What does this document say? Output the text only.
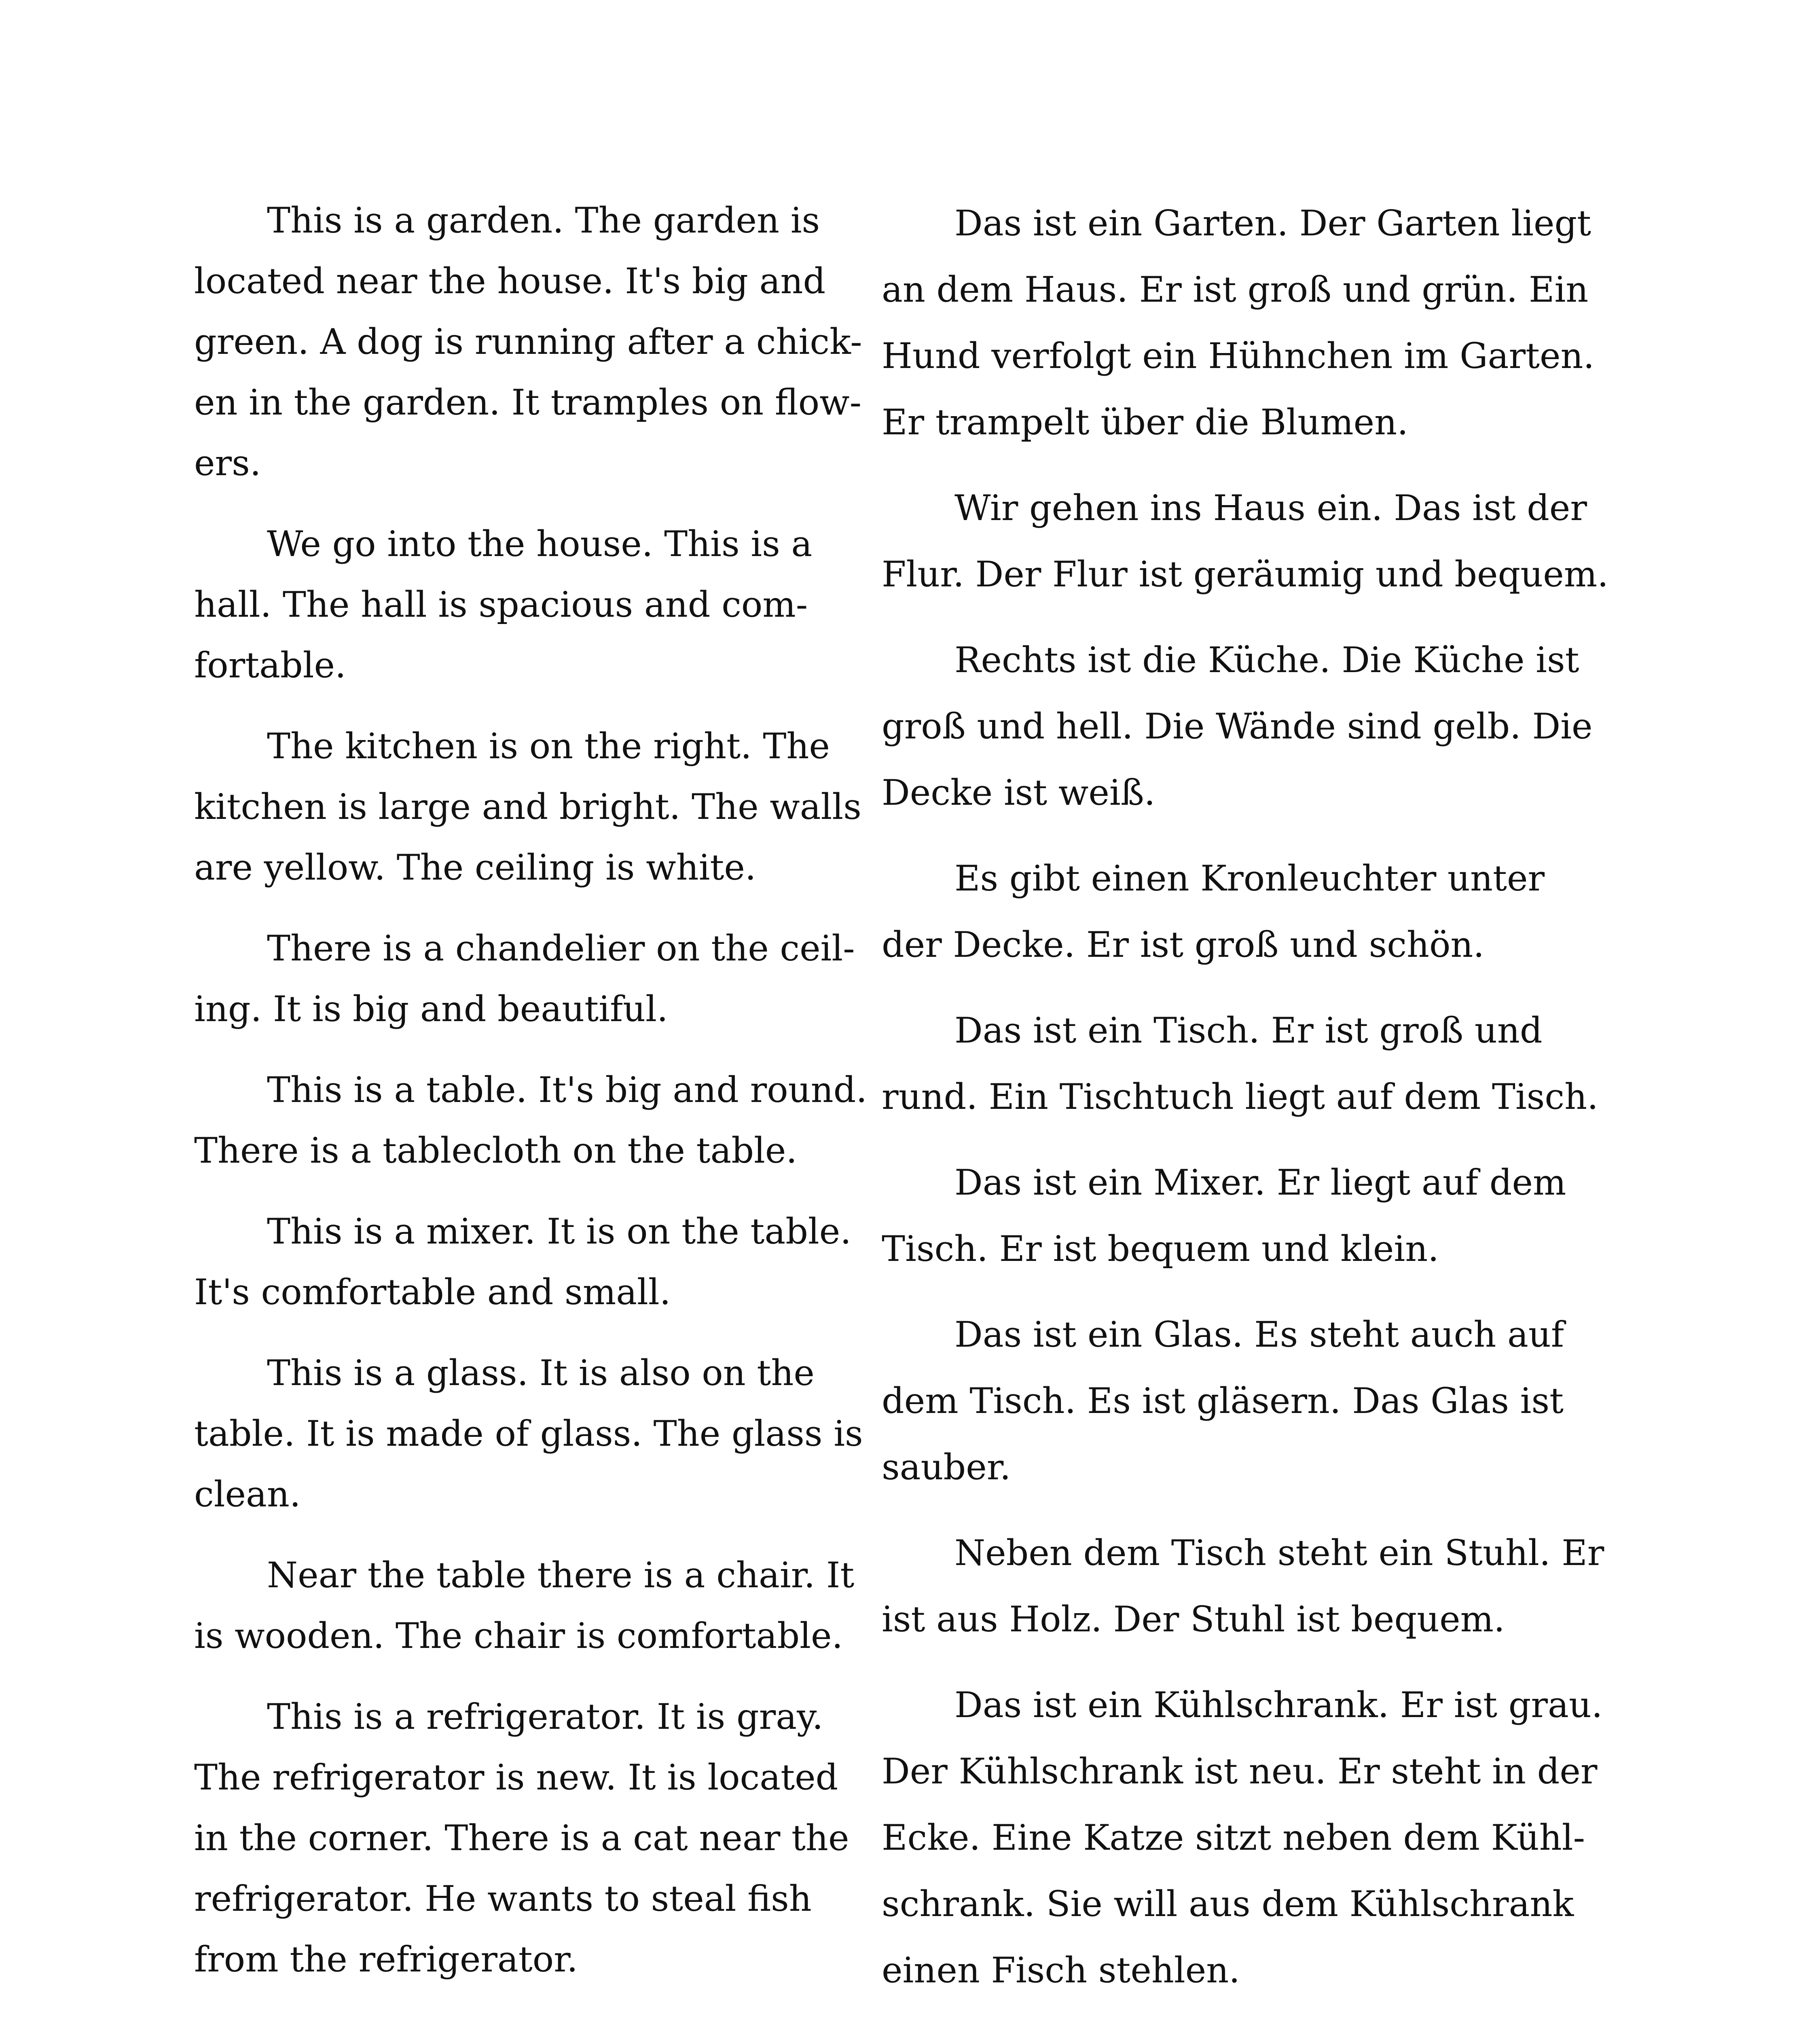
This is a garden. The garden is
located near the house. It's big and
green. A dog is running after a chick-
en in the garden. It tramples on flow-
ers.
We go into the house. This is a
hall. The hall is spacious and com-
fortable.
The kitchen is on the right. The
kitchen is large and bright. The walls
are yellow. The ceiling is white.
There is a chandelier on the ceil-
ing. It is big and beautiful.
This is a table. It's big and round.
There is a tablecloth on the table.
This is a mixer. It is on the table.
It's comfortable and small.
This is a glass. It is also on the
table. It is made of glass. The glass is
clean.
Near the table there is a chair. It
is wooden. The chair is comfortable.
This is a refrigerator. It is gray.
The refrigerator is new. It is located
in the corner. There is a cat near the
refrigerator. He wants to steal fish
from the refrigerator.
Das ist ein Garten. Der Garten liegt
an dem Haus. Er ist groß und grün. Ein
Hund verfolgt ein Hühnchen im Garten.
Er trampelt über die Blumen.
Wir gehen ins Haus ein. Das ist der
Flur. Der Flur ist geräumig und bequem.
Rechts ist die Küche. Die Küche ist
groß und hell. Die Wände sind gelb. Die
Decke ist weiß.
Es gibt einen Kronleuchter unter
der Decke. Er ist groß und schön.
Das ist ein Tisch. Er ist groß und
rund. Ein Tischtuch liegt auf dem Tisch.
Das ist ein Mixer. Er liegt auf dem
Tisch. Er ist bequem und klein.
Das ist ein Glas. Es steht auch auf
dem Tisch. Es ist gläsern. Das Glas ist
sauber.
Neben dem Tisch steht ein Stuhl. Er
ist aus Holz. Der Stuhl ist bequem.
Das ist ein Kühlschrank. Er ist grau.
Der Kühlschrank ist neu. Er steht in der
Ecke. Eine Katze sitzt neben dem Kühl-
schrank. Sie will aus dem Kühlschrank
einen Fisch stehlen.
